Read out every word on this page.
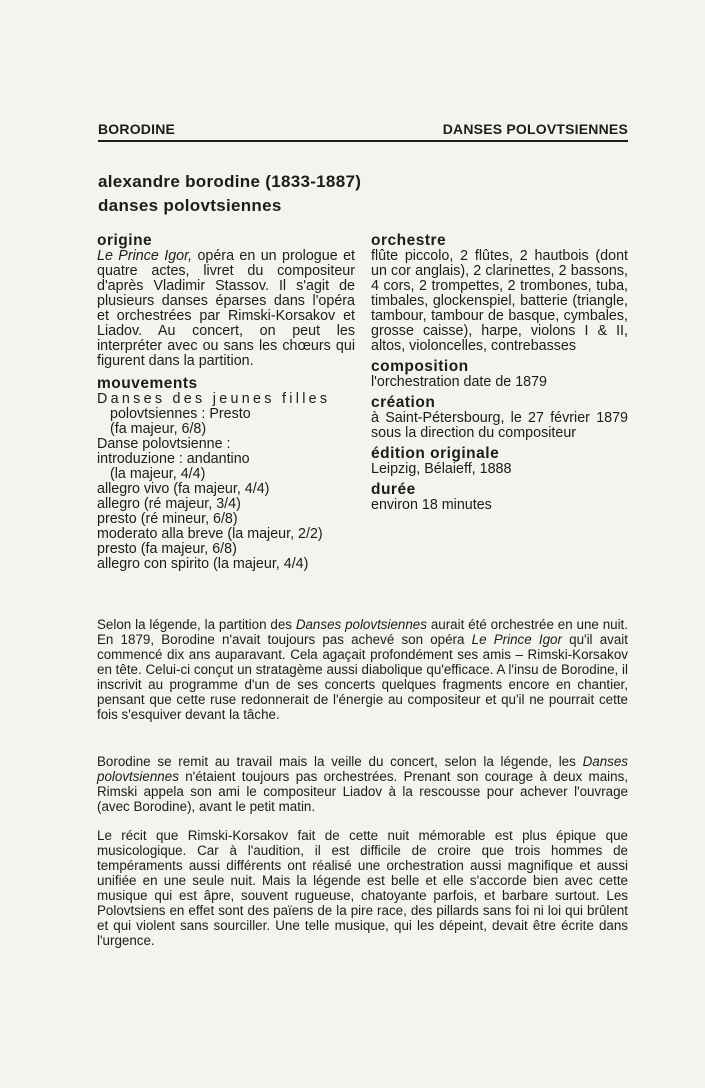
BORODINE	DANSES POLOVTSIENNES
alexandre borodine (1833-1887)
danses polovtsiennes
origine

Le Prince Igor, opéra en un prologue et quatre actes, livret du compositeur d'après Vladimir Stassov. Il s'agit de plusieurs danses éparses dans l'opéra et orchestrées par Rimski-Korsakov et Liadov. Au concert, on peut les interpréter avec ou sans les chœurs qui figurent dans la partition.

mouvements
Danses des jeunes filles
polovtsiennes : Presto
(fa majeur, 6/8)
Danse polovtsienne :
introduzione : andantino
(la majeur, 4/4)
allegro vivo (fa majeur, 4/4)
allegro (ré majeur, 3/4)
presto (ré mineur, 6/8)
moderato alla breve (la majeur, 2/2)
presto (fa majeur, 6/8)
allegro con spirito (la majeur, 4/4)
orchestre

flûte piccolo, 2 flûtes, 2 hautbois (dont un cor anglais), 2 clarinettes, 2 bassons, 4 cors, 2 trompettes, 2 trombones, tuba, timbales, glockenspiel, batterie (triangle, tambour, tambour de basque, cymbales, grosse caisse), harpe, violons I & II, altos, violoncelles, contrebasses

composition

l'orchestration date de 1879

création

à Saint-Pétersbourg, le 27 février 1879 sous la direction du compositeur

édition originale

Leipzig, Bélaieff, 1888

durée

environ 18 minutes

Selon la légende, la partition des Danses polovtsiennes aurait été orchestrée en une nuit. En 1879, Borodine n'avait toujours pas achevé son opéra Le Prince Igor qu'il avait commencé dix ans auparavant. Cela agaçait profondément ses amis – Rimski-Korsakov en tête. Celui-ci conçut un stratagème aussi diabolique qu'efficace. A l'insu de Borodine, il inscrivit au programme d'un de ses concerts quelques fragments encore en chantier, pensant que cette ruse redonnerait de l'énergie au compositeur et qu'il ne pourrait cette fois s'esquiver devant la tâche.

Borodine se remit au travail mais la veille du concert, selon la légende, les Danses polovtsiennes n'étaient toujours pas orchestrées. Prenant son courage à deux mains, Rimski appela son ami le compositeur Liadov à la rescousse pour achever l'ouvrage (avec Borodine), avant le petit matin.

Le récit que Rimski-Korsakov fait de cette nuit mémorable est plus épique que musicologique. Car à l'audition, il est difficile de croire que trois hommes de tempéraments aussi différents ont réalisé une orchestration aussi magnifique et aussi unifiée en une seule nuit. Mais la légende est belle et elle s'accorde bien avec cette musique qui est âpre, souvent rugueuse, chatoyante parfois, et barbare surtout. Les Polovtsiens en effet sont des païens de la pire race, des pillards sans foi ni loi qui brûlent et qui violent sans sourciller. Une telle musique, qui les dépeint, devait être écrite dans l'urgence.
